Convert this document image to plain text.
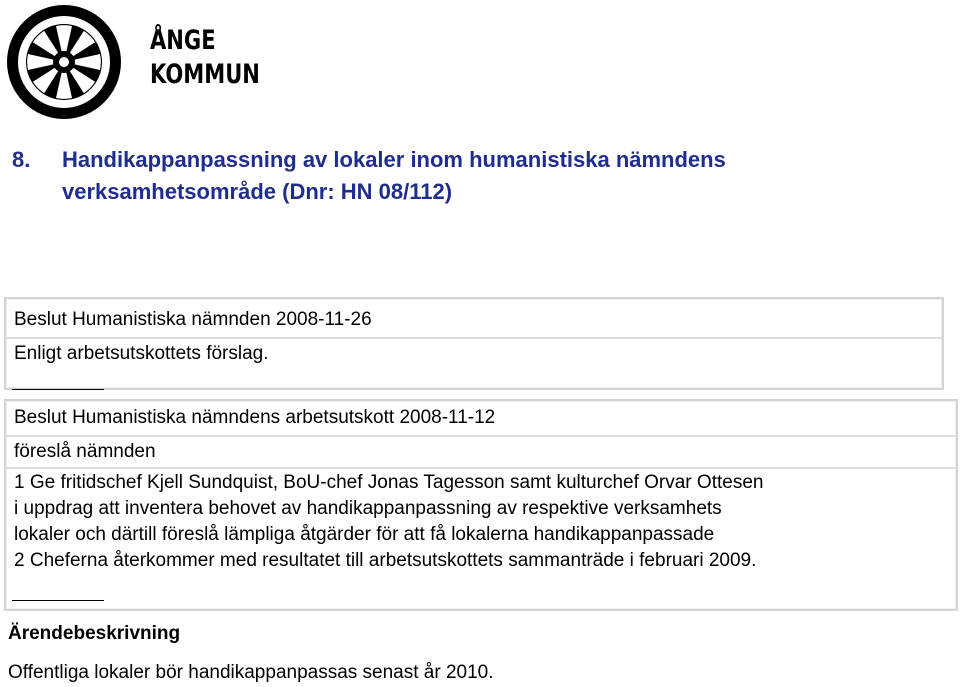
ÅNGE
KOMMUN
8. Handikappanpassning av lokaler inom humanistiska nämndens
verksamhetsområde (Dnr: HN 08/112)
Beslut Humanistiska nämnden 2008-11-26
Enligt arbetsutskottets förslag.
Beslut Humanistiska nämndens arbetsutskott 2008-11-12
föreslå nämnden
1 Ge fritidschef Kjell Sundquist, BoU-chef Jonas Tagesson samt kulturchef Orvar Ottesen
i uppdrag att inventera behovet av handikappanpassning av respektive verksamhets
lokaler och därtill föreslå lämpliga åtgärder för att få lokalerna handikappanpassade
2 Cheferna återkommer med resultatet till arbetsutskottets sammanträde i februari 2009.
Ärendebeskrivning
Offentliga lokaler bör handikappanpassas senast år 2010.
